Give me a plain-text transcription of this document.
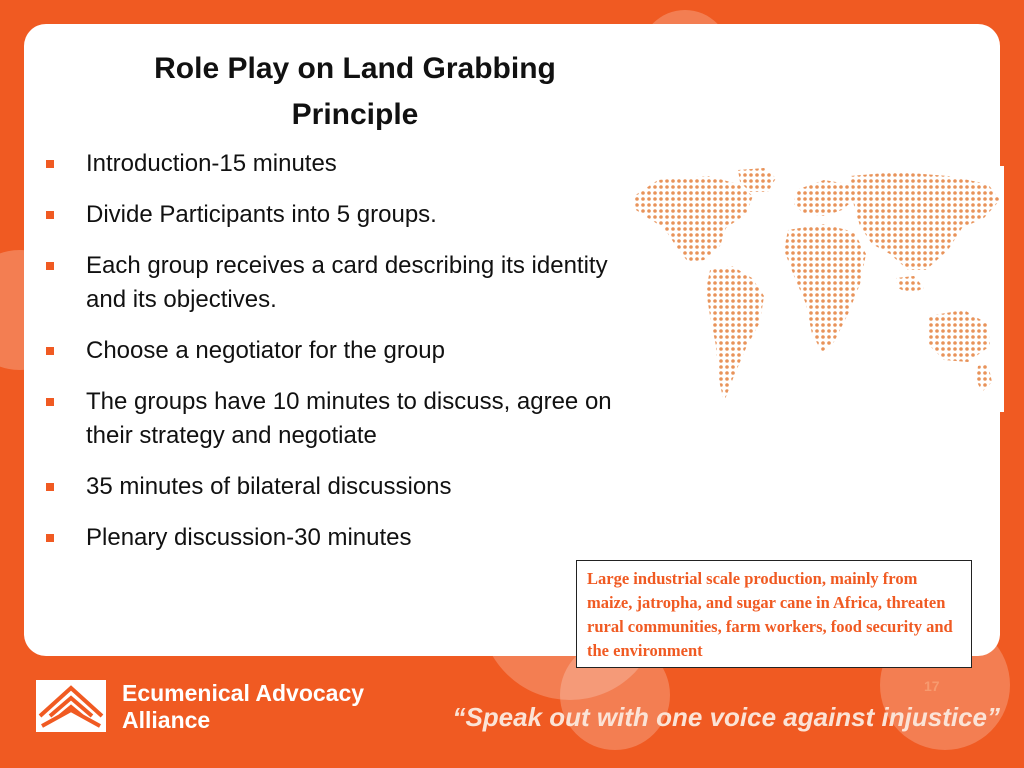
Role Play on Land Grabbing
Principle
Introduction-15 minutes
Divide Participants into 5 groups.
Each group receives a card describing its identity and its objectives.
Choose a negotiator for the group
The groups have 10 minutes to discuss, agree on their strategy and negotiate
35 minutes of bilateral discussions
Plenary discussion-30 minutes
Large industrial scale production, mainly from maize, jatropha, and sugar cane in Africa, threaten rural communities, farm workers, food security and the environment
Ecumenical Advocacy
Alliance
17
“Speak out with one voice against injustice”
